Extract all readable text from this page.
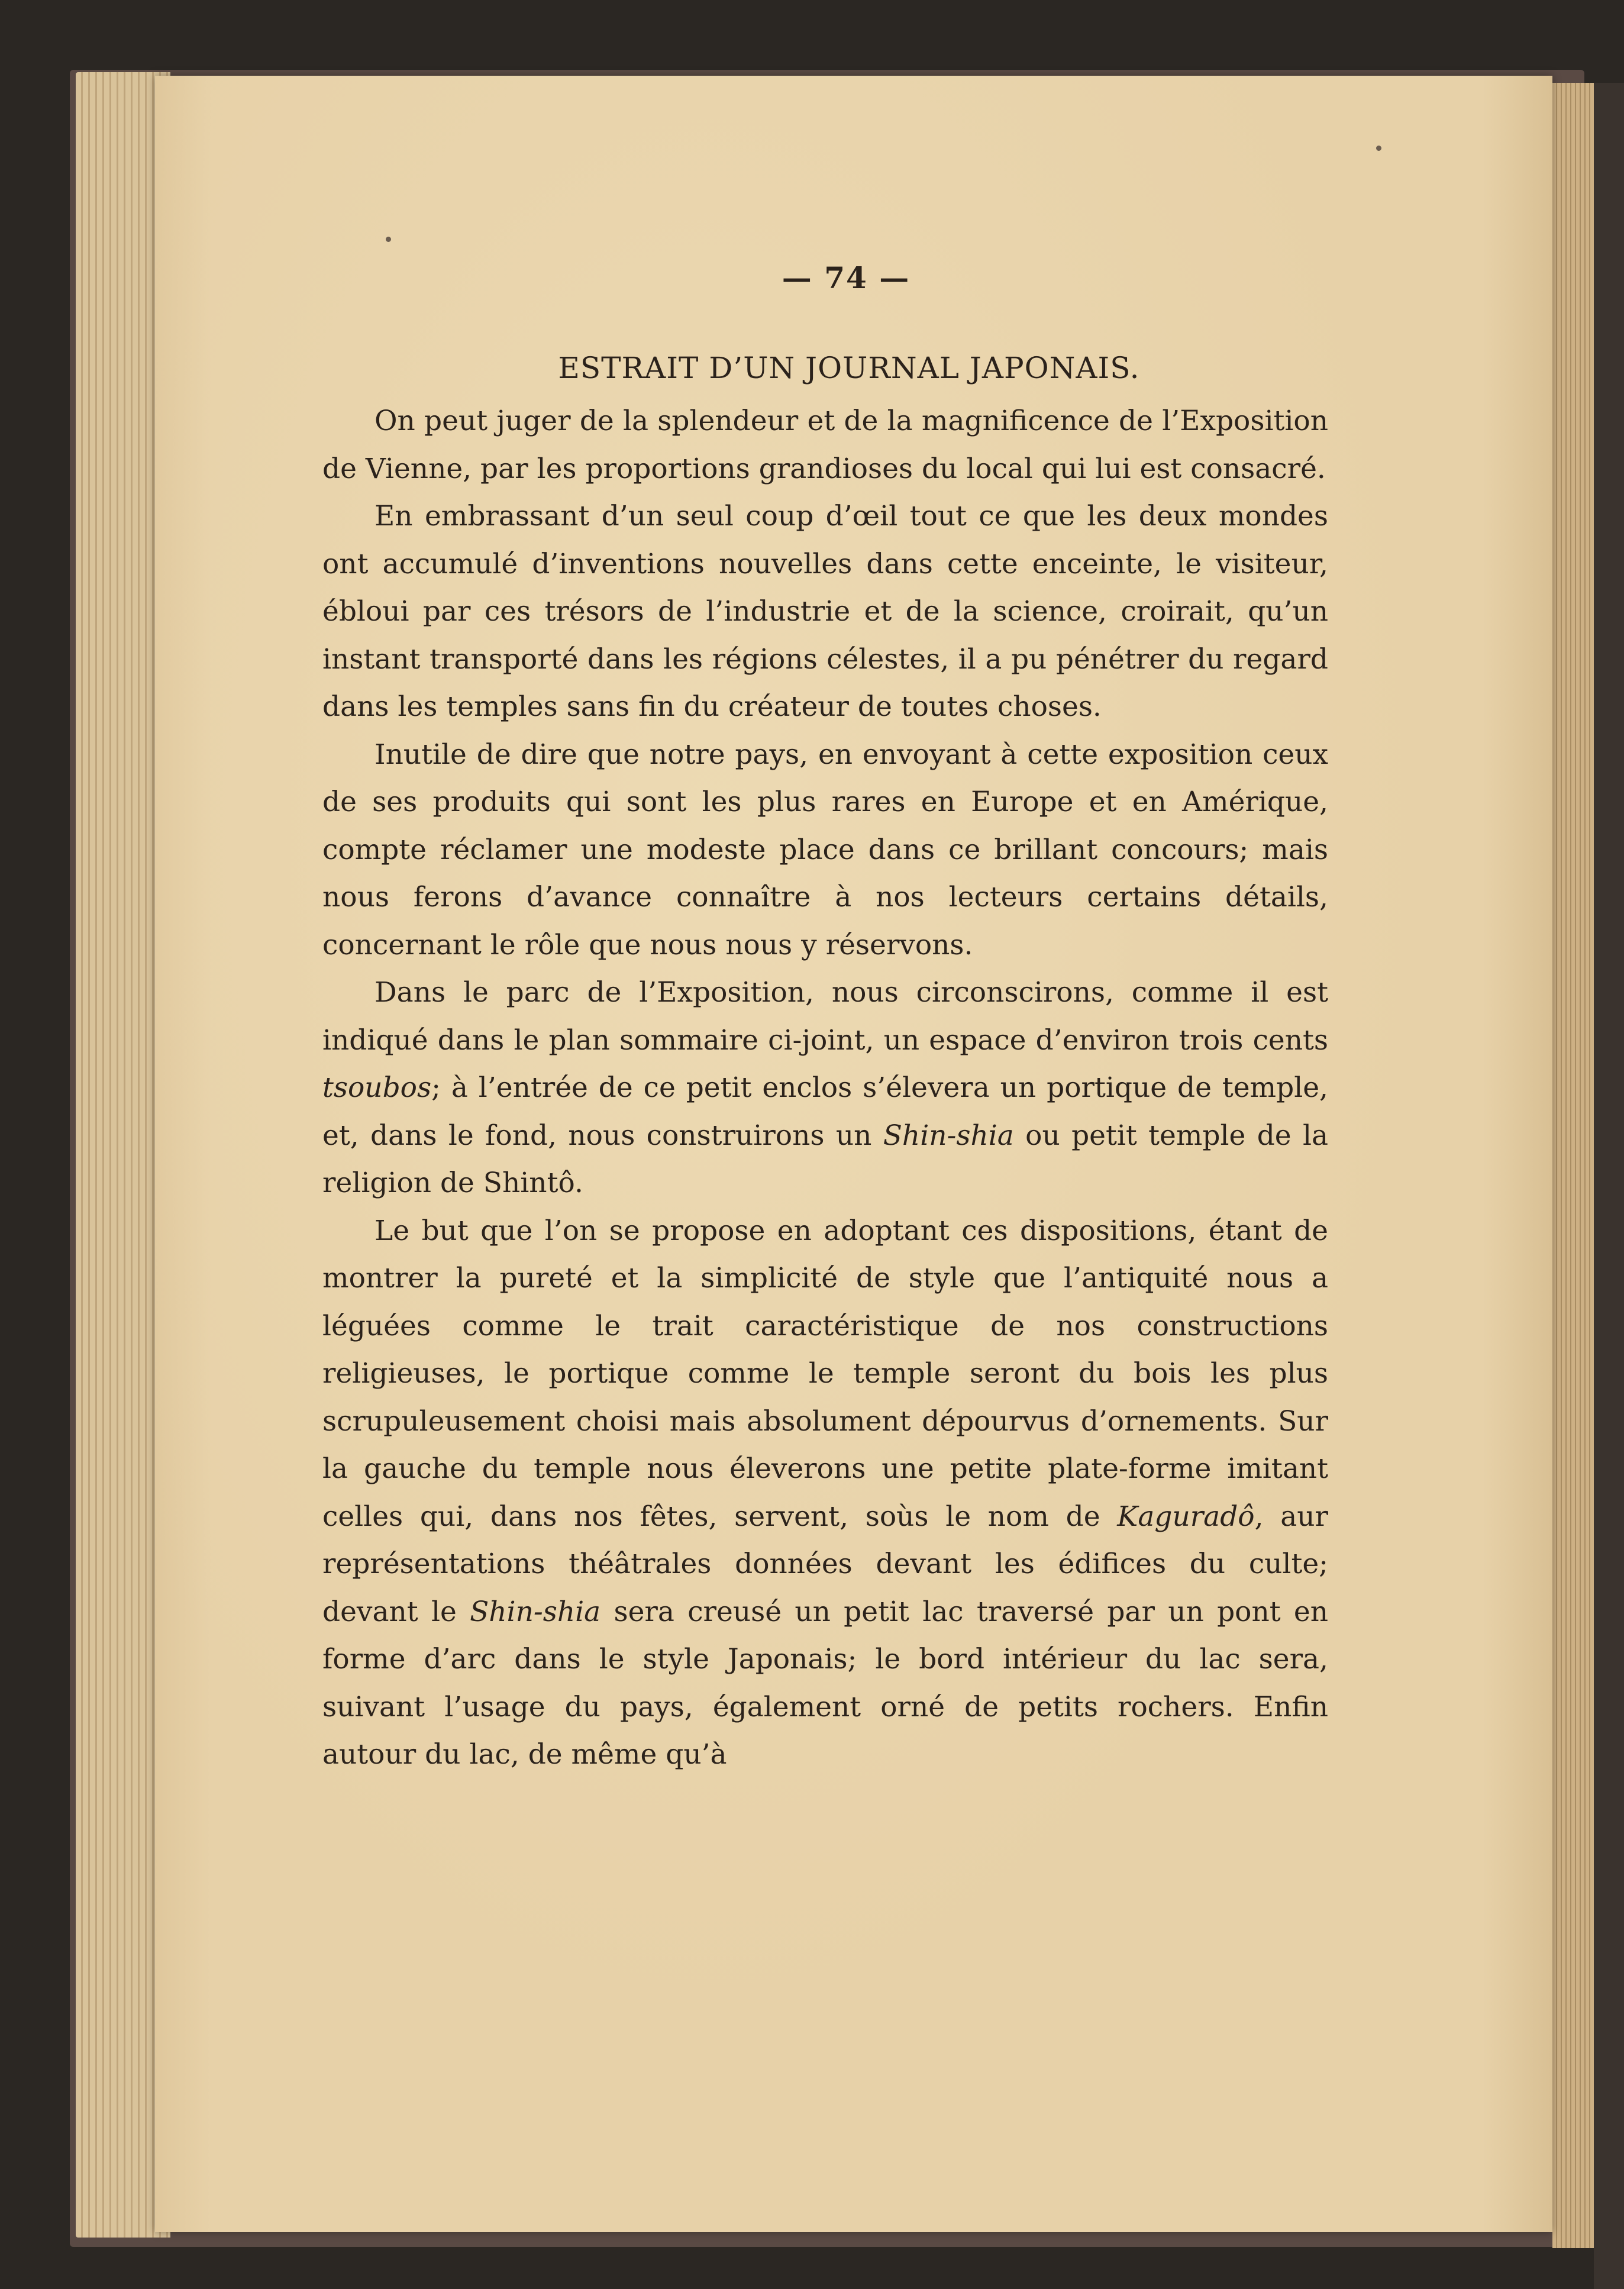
— 74 —
ESTRAIT D’UN JOURNAL JAPONAIS.

On peut juger de la splendeur et de la magnificence de l’Exposition de Vienne, par les proportions grandioses du local qui lui est consacré.

En embrassant d’un seul coup d’œil tout ce que les deux mondes ont accumulé d’inventions nouvelles dans cette enceinte, le visiteur, ébloui par ces trésors de l’industrie et de la science, croirait, qu’un instant transporté dans les régions célestes, il a pu pénétrer du regard dans les temples sans fin du créateur de toutes choses.

Inutile de dire que notre pays, en envoyant à cette exposition ceux de ses produits qui sont les plus rares en Europe et en Amérique, compte réclamer une modeste place dans ce brillant concours; mais nous ferons d’avance connaître à nos lecteurs certains détails, concernant le rôle que nous nous y réservons.

Dans le parc de l’Exposition, nous circonscirons, comme il est indiqué dans le plan sommaire ci-joint, un espace d’environ trois cents tsoubos; à l’entrée de ce petit enclos s’élevera un portique de temple, et, dans le fond, nous construirons un Shin-shia ou petit temple de la religion de Shintô.

Le but que l’on se propose en adoptant ces dispositions, étant de montrer la pureté et la simplicité de style que l’antiquité nous a léguées comme le trait caractéristique de nos constructions religieuses, le portique comme le temple seront du bois les plus scrupuleusement choisi mais absolument dépourvus d’ornements. Sur la gauche du temple nous éleverons une petite plate-forme imitant celles qui, dans nos fêtes, servent, soùs le nom de Kaguradô, aur représentations théâtrales données devant les édifices du culte; devant le Shin-shia sera creusé un petit lac traversé par un pont en forme d’arc dans le style Japonais; le bord intérieur du lac sera, suivant l’usage du pays, également orné de petits rochers. Enfin autour du lac, de même qu’à
